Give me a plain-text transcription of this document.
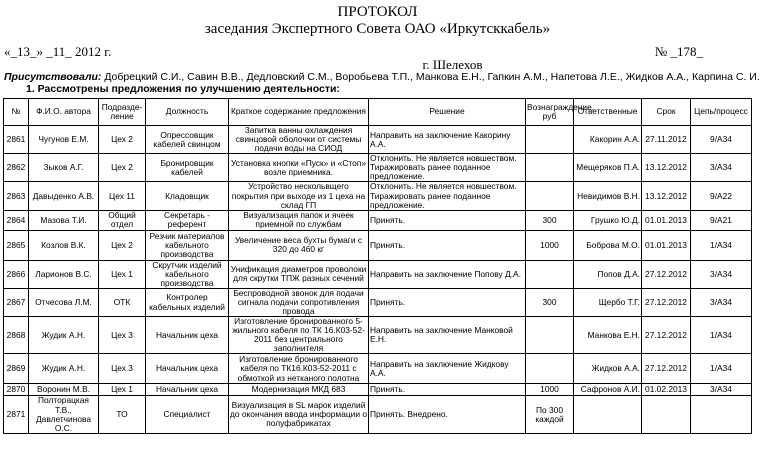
ПРОТОКОЛ
заседания Экспертного Совета ОАО «Иркутсккабель»
«_13_» _11_ 2012 г.	№ _178_
г. Шелехов
Присутствовали: Добрецкий С.И., Савин В.В., Дедловский С.М., Воробьева Т.П., Манкова Е.Н., Гапкин А.М., Напетова Л.Е., Жидков А.А., Карпина С. И.
1. Рассмотрены предложения по улучшению деятельности:
№	Ф.И.О. автора	Подразде-ление	Должность	Краткое содержание предложения	Решение	Вознаграждение, руб	Ответственные	Срок	Цепь/процесс
2861	Чугунов Е.М.	Цех 2	Опрессовщик кабелей свинцом	Запитка ванны охлаждения свинцовой оболочки от системы подачи воды на СИОД	Направить на заключение Какорину А.А.		Какорин А.А.	27.11.2012	9/А34
2862	Зыков А.Г.	Цех 2	Бронировщик кабелей	Установка кнопки «Пуск» и «Стоп» возле приемника.	Отклонить. Не является новшеством. Тиражировать ранее поданное предложение.		Мещеряков П.А.	13.12.2012	3/А34
2863	Давыденко А.В.	Цех 11	Кладовщик	Устройство нескольвщего покрытия при выходе из 1 цеха на склад ГП	Отклонить. Не является новшеством. Тиражировать ранее поданное предложение.		Невидимов В.Н.	13.12.2012	9/А22
2864	Мазова Т.И.	Общий отдел	Секретарь - референт	Визуализация папок и ячеек приемной по службам	Принять.	300	Грушко Ю.Д.	01.01.2013	9/А21
2865	Козлов В.К.	Цех 2	Резчик материалов кабельного производства	Увеличение веса бухты бумаги с 320 до 460 кг	Принять.	1000	Боброва М.О.	01.01.2013	1/А34
2866	Ларионов В.С.	Цех 1	Скрутчик изделий кабельного производства	Унификация диаметров проволоки для скрутки ТПЖ разных сечений	Направить на заключение Попову Д.А.		Попов Д.А.	27.12.2012	3/А34
2867	Отчесова Л.М.	ОТК	Контролер кабельных изделий	Беспроводной звонок для подачи сигнала подачи сопротивления провода	Принять.	300	Щербо Т.Г.	27.12.2012	3/А34
2868	Жудик А.Н.	Цех 3	Начальник цеха	Изготовление бронированного 5-жильного кабеля по ТК 16.К03-52-2011 без центрального заполнителя	Направить на заключение Манковой Е.Н.		Манкова Е.Н.	27.12.2012	1/А34
2869	Жудик А.Н.	Цех 3	Начальник цеха	Изготовление бронированного кабеля по ТК16.К03-52-2011 с обмоткой из нетканого полотна	Направить на заключение Жидкову А.А.		Жидков А.А.	27.12.2012	1/А34
2870	Воронин М.В.	Цех 1	Начальник цеха	Модернизация МКД 683	Принять.	1000	Сафронов А.И.	01.02.2013	3/А34
2871	Полторацкая Т.В., Давлетчинова О.С.	ТО	Специалист	Визуализация в SL марок изделий до окончания ввода информации о полуфабрикатах	Принять. Внедрено.	По 300 каждой			
